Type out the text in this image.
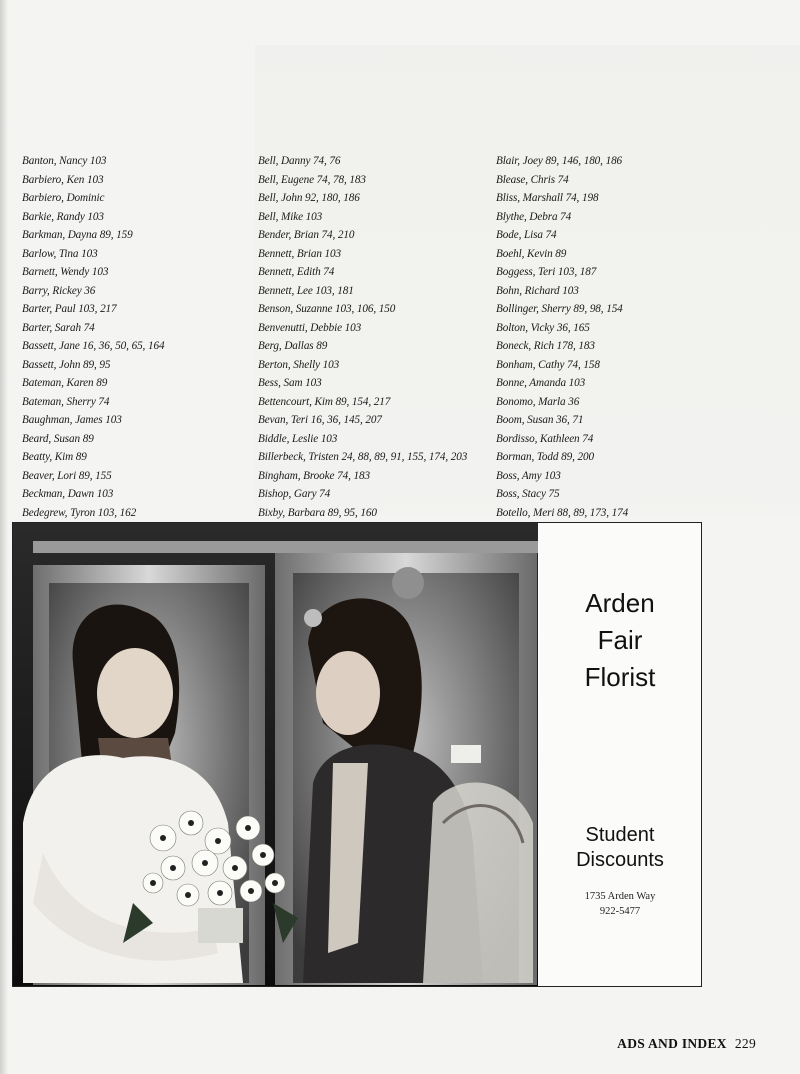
Banton, Nancy 103
Barbiero, Ken 103
Barbiero, Dominic
Barkie, Randy 103
Barkman, Dayna 89, 159
Barlow, Tina 103
Barnett, Wendy 103
Barry, Rickey 36
Barter, Paul 103, 217
Barter, Sarah 74
Bassett, Jane 16, 36, 50, 65, 164
Bassett, John 89, 95
Bateman, Karen 89
Bateman, Sherry 74
Baughman, James 103
Beard, Susan 89
Beatty, Kim 89
Beaver, Lori 89, 155
Beckman, Dawn 103
Bedegrew, Tyron 103, 162
Bell, Danny 74, 76
Bell, Eugene 74, 78, 183
Bell, John 92, 180, 186
Bell, Mike 103
Bender, Brian 74, 210
Bennett, Brian 103
Bennett, Edith 74
Bennett, Lee 103, 181
Benson, Suzanne 103, 106, 150
Benvenutti, Debbie 103
Berg, Dallas 89
Berton, Shelly 103
Bess, Sam 103
Bettencourt, Kim 89, 154, 217
Bevan, Teri 16, 36, 145, 207
Biddle, Leslie 103
Billerbeck, Tristen 24, 88, 89, 91, 155, 174, 203
Bingham, Brooke 74, 183
Bishop, Gary 74
Bixby, Barbara 89, 95, 160
Blair, Joey 89, 146, 180, 186
Blease, Chris 74
Bliss, Marshall 74, 198
Blythe, Debra 74
Bode, Lisa 74
Boehl, Kevin 89
Boggess, Teri 103, 187
Bohn, Richard 103
Bollinger, Sherry 89, 98, 154
Bolton, Vicky 36, 165
Boneck, Rich 178, 183
Bonham, Cathy 74, 158
Bonne, Amanda 103
Bonomo, Marla 36
Boom, Susan 36, 71
Bordisso, Kathleen 74
Borman, Todd 89, 200
Boss, Amy 103
Boss, Stacy 75
Botello, Meri 88, 89, 173, 174
Arden
Fair
Florist
Student
Discounts
1735 Arden Way
922-5477
ADS AND INDEX 229
